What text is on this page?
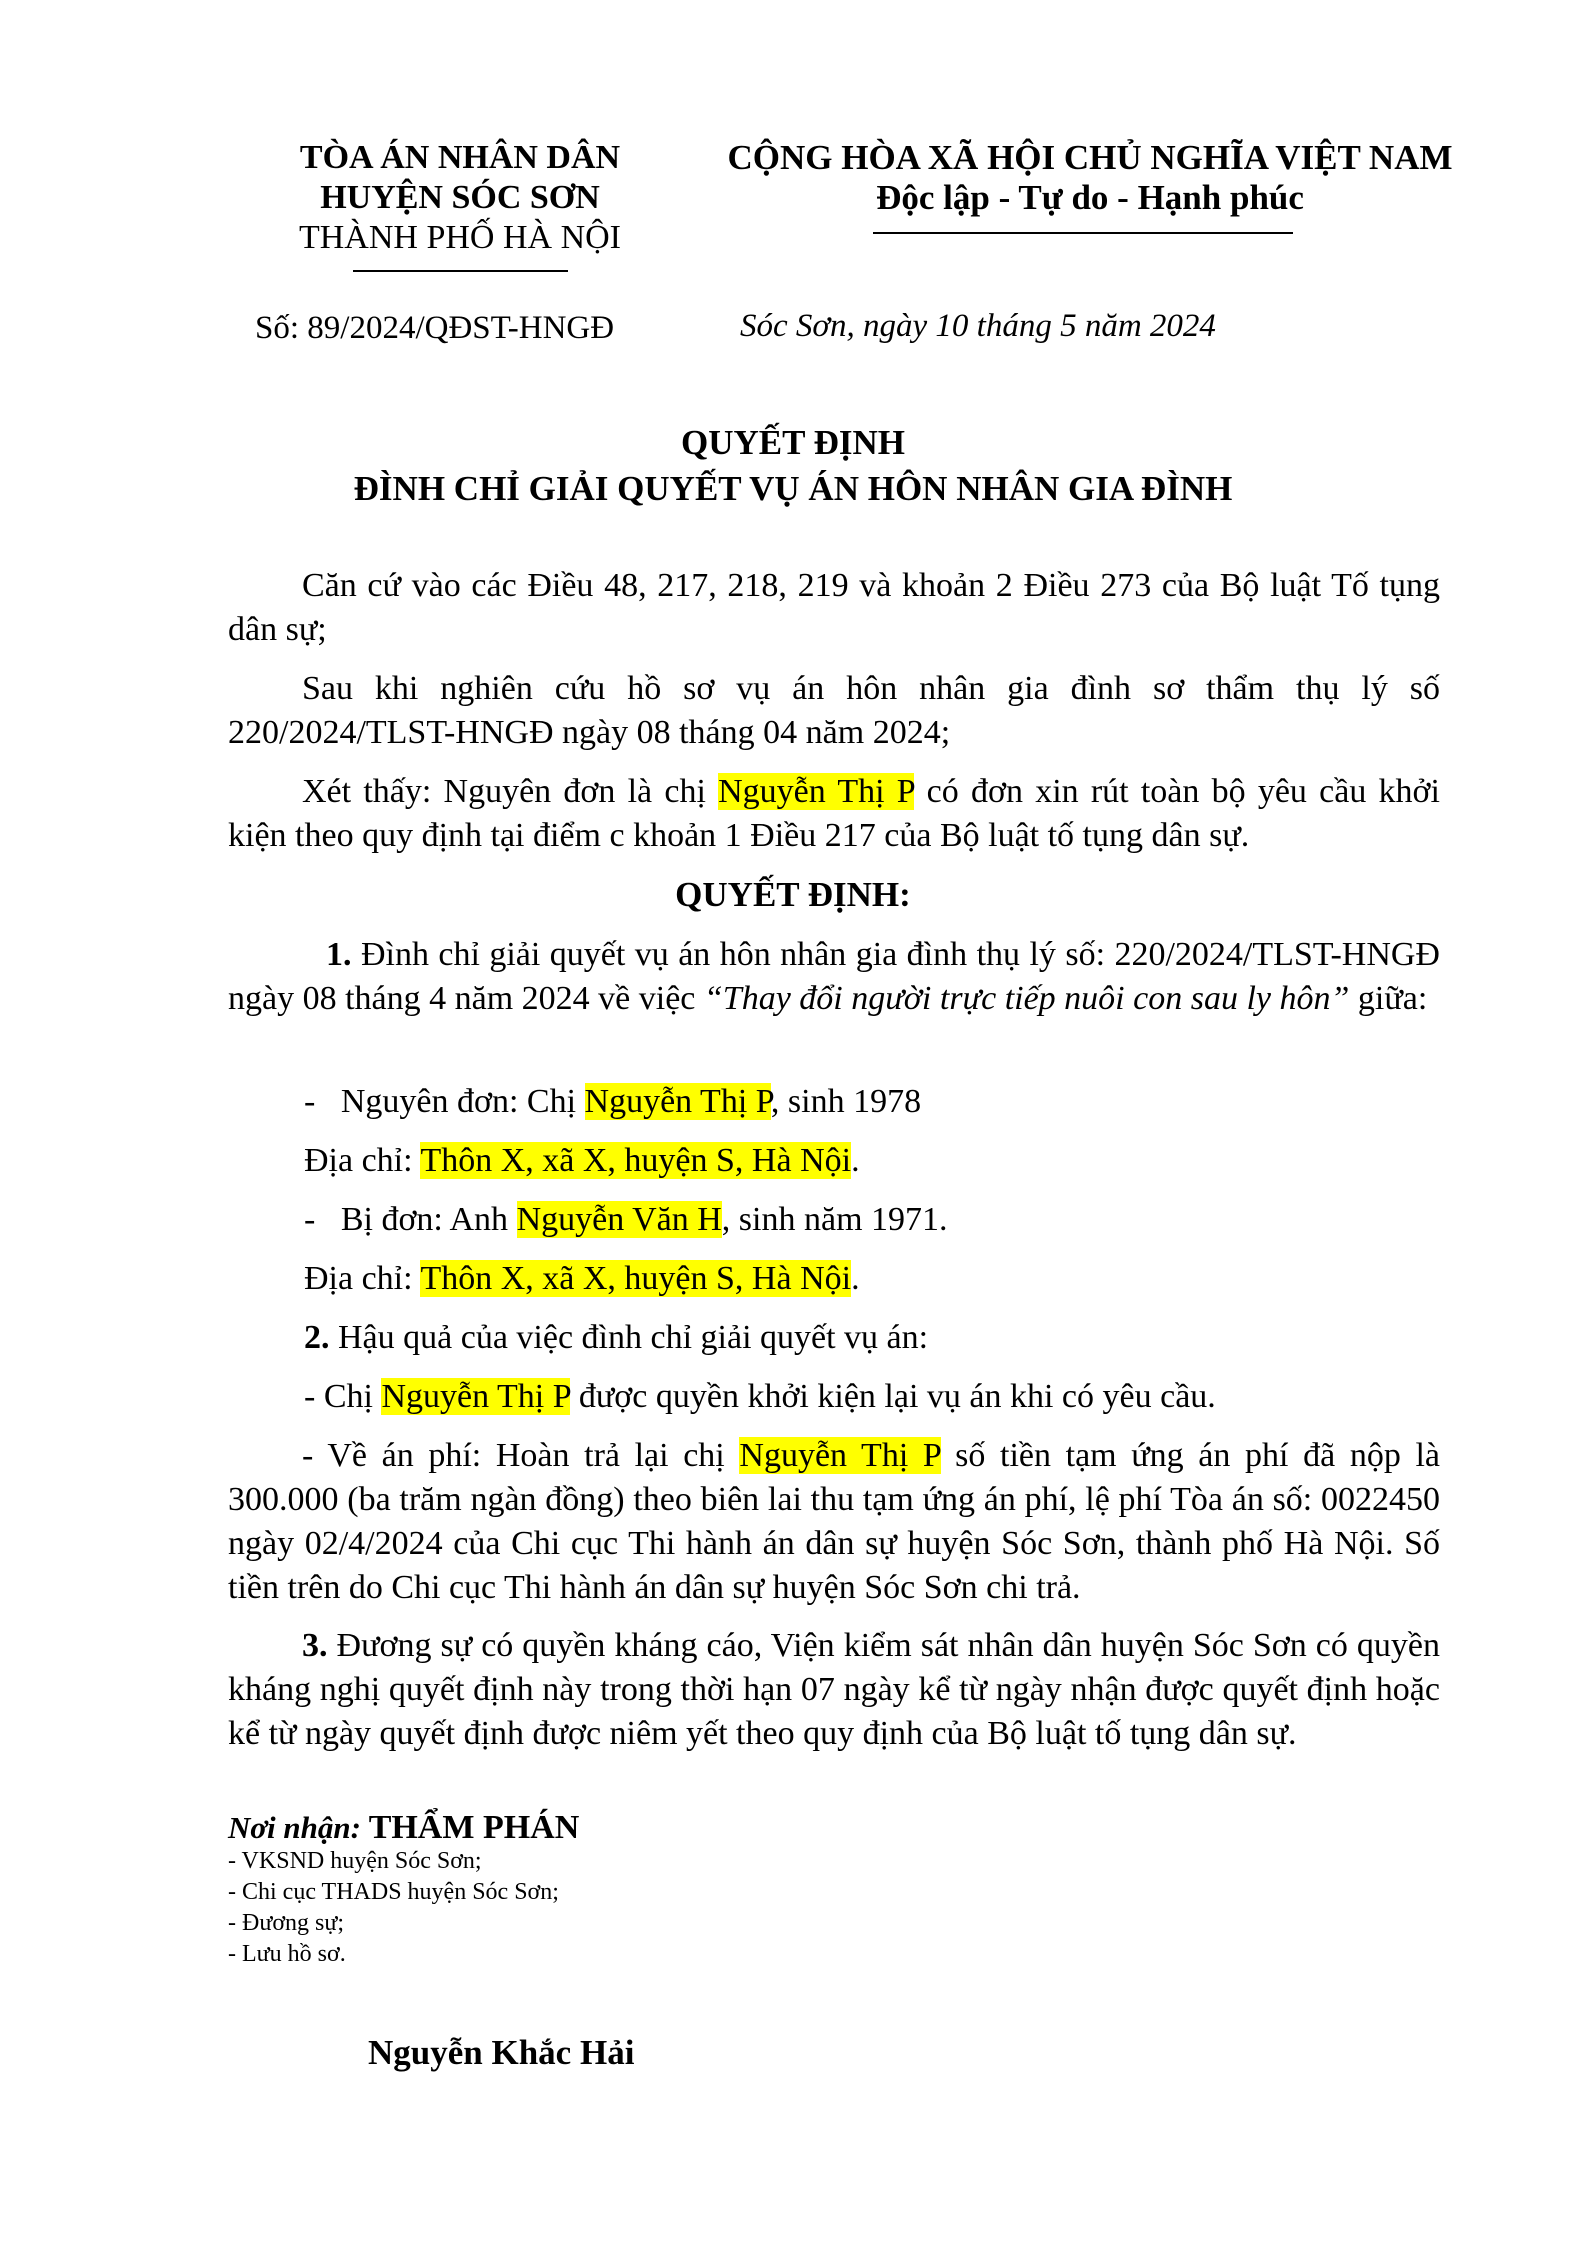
TÒA ÁN NHÂN DÂN
HUYỆN SÓC SƠN
THÀNH PHỐ HÀ NỘI
CỘNG HÒA XÃ HỘI CHỦ NGHĨA VIỆT NAM
Độc lập - Tự do - Hạnh phúc
Số: 89/2024/QĐST-HNGĐ	Sóc Sơn, ngày 10 tháng 5 năm 2024
QUYẾT ĐỊNH
ĐÌNH CHỈ GIẢI QUYẾT VỤ ÁN HÔN NHÂN GIA ĐÌNH
Căn cứ vào các Điều 48, 217, 218, 219 và khoản 2 Điều 273 của Bộ luật Tố tụng dân sự;
Sau khi nghiên cứu hồ sơ vụ án hôn nhân gia đình sơ thẩm thụ lý số 220/2024/TLST-HNGĐ ngày 08 tháng 04 năm 2024;
Xét thấy: Nguyên đơn là chị Nguyễn Thị P có đơn xin rút toàn bộ yêu cầu khởi kiện theo quy định tại điểm c khoản 1 Điều 217 của Bộ luật tố tụng dân sự.
QUYẾT ĐỊNH:
1. Đình chỉ giải quyết vụ án hôn nhân gia đình thụ lý số: 220/2024/TLST-HNGĐ ngày 08 tháng 4 năm 2024 về việc “Thay đổi người trực tiếp nuôi con sau ly hôn” giữa:
-   Nguyên đơn: Chị Nguyễn Thị P, sinh 1978
Địa chỉ: Thôn X, xã X, huyện S, Hà Nội.
-   Bị đơn: Anh Nguyễn Văn H, sinh năm 1971.
Địa chỉ: Thôn X, xã X, huyện S, Hà Nội.
2. Hậu quả của việc đình chỉ giải quyết vụ án:
- Chị Nguyễn Thị P được quyền khởi kiện lại vụ án khi có yêu cầu.
- Về án phí: Hoàn trả lại chị Nguyễn Thị P số tiền tạm ứng án phí đã nộp là 300.000 (ba trăm ngàn đồng) theo biên lai thu tạm ứng án phí, lệ phí Tòa án số: 0022450 ngày 02/4/2024 của Chi cục Thi hành án dân sự huyện Sóc Sơn, thành phố Hà Nội. Số tiền trên do Chi cục Thi hành án dân sự huyện Sóc Sơn chi trả.
3. Đương sự có quyền kháng cáo, Viện kiểm sát nhân dân huyện Sóc Sơn có quyền kháng nghị quyết định này trong thời hạn 07 ngày kể từ ngày nhận được quyết định hoặc kể từ ngày quyết định được niêm yết theo quy định của Bộ luật tố tụng dân sự.
Nơi nhận: THẨM PHÁN
- VKSND huyện Sóc Sơn;
- Chi cục THADS huyện Sóc Sơn;
- Đương sự;
- Lưu hồ sơ.
Nguyễn Khắc Hải
